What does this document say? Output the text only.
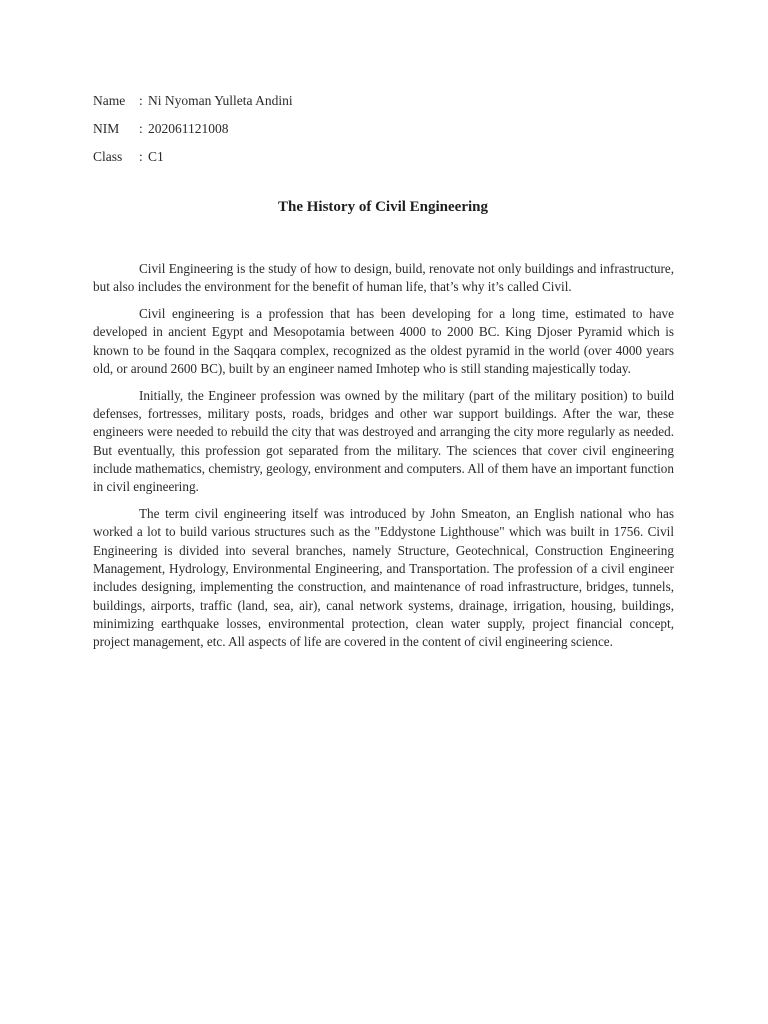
Name	: Ni Nyoman Yulleta Andini
NIM	: 202061121008
Class	: C1
The History of Civil Engineering

Civil Engineering is the study of how to design, build, renovate not only buildings and infrastructure, but also includes the environment for the benefit of human life, that’s why it’s called Civil.

Civil engineering is a profession that has been developing for a long time, estimated to have developed in ancient Egypt and Mesopotamia between 4000 to 2000 BC. King Djoser Pyramid which is known to be found in the Saqqara complex, recognized as the oldest pyramid in the world (over 4000 years old, or around 2600 BC), built by an engineer named Imhotep who is still standing majestically today.

Initially, the Engineer profession was owned by the military (part of the military position) to build defenses, fortresses, military posts, roads, bridges and other war support buildings. After the war, these engineers were needed to rebuild the city that was destroyed and arranging the city more regularly as needed. But eventually, this profession got separated from the military. The sciences that cover civil engineering include mathematics, chemistry, geology, environment and computers. All of them have an important function in civil engineering.

The term civil engineering itself was introduced by John Smeaton, an English national who has worked a lot to build various structures such as the "Eddystone Lighthouse" which was built in 1756. Civil Engineering is divided into several branches, namely Structure, Geotechnical, Construction Engineering Management, Hydrology, Environmental Engineering, and Transportation. The profession of a civil engineer includes designing, implementing the construction, and maintenance of road infrastructure, bridges, tunnels, buildings, airports, traffic (land, sea, air), canal network systems, drainage, irrigation, housing, buildings, minimizing earthquake losses, environmental protection, clean water supply, project financial concept, project management, etc. All aspects of life are covered in the content of civil engineering science.
